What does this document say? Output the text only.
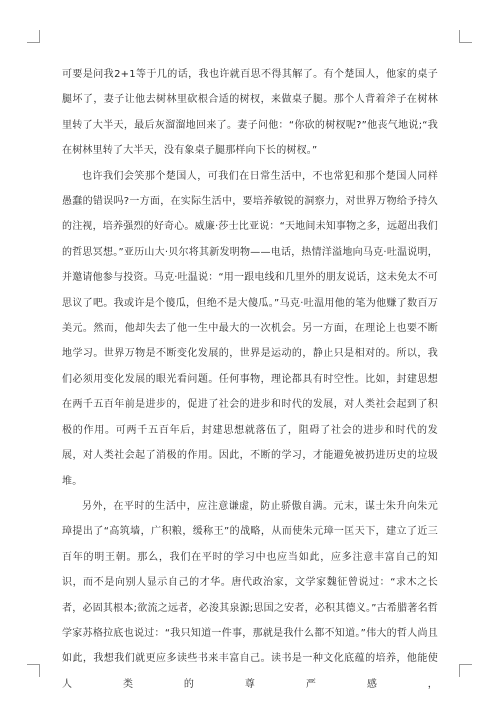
可要是问我2+1等于几的话，我也许就百思不得其解了。有个楚国人，他家的桌子腿坏了，妻子让他去树林里砍根合适的树杈，来做桌子腿。那个人背着斧子在树林里转了大半天，最后灰溜溜地回来了。妻子问他：“你砍的树杈呢?”他丧气地说;“我在树林里转了大半天，没有象桌子腿那样向下长的树杈。”

也许我们会笑那个楚国人，可我们在日常生活中，不也常犯和那个楚国人同样愚蠢的错误吗?一方面，在实际生活中，要培养敏锐的洞察力，对世界万物给予持久的注视，培养强烈的好奇心。威廉·莎士比亚说：“天地间未知事物之多，远超出我们的哲思冥想。”亚历山大·贝尔将其新发明物——电话，热情洋溢地向马克·吐温说明，并邀请他参与投资。马克·吐温说：“用一跟电线和几里外的朋友说话，这未免太不可思议了吧。我或许是个傻瓜，但绝不是大傻瓜。”马克·吐温用他的笔为他赚了数百万美元。然而，他却失去了他一生中最大的一次机会。另一方面，在理论上也要不断地学习。世界万物是不断变化发展的，世界是运动的，静止只是相对的。所以，我们必须用变化发展的眼光看问题。任何事物，理论都具有时空性。比如，封建思想在两千五百年前是进步的，促进了社会的进步和时代的发展，对人类社会起到了积极的作用。可两千五百年后，封建思想就落伍了，阻碍了社会的进步和时代的发展，对人类社会起了消极的作用。因此，不断的学习，才能避免被扔进历史的垃圾堆。

另外，在平时的生活中，应注意谦虚，防止骄傲自满。元末，谋士朱升向朱元璋提出了“高筑墙，广积粮，缓称王”的战略，从而使朱元璋一匡天下，建立了近三百年的明王朝。那么，我们在平时的学习中也应当如此，应多注意丰富自己的知识，而不是向别人显示自己的才华。唐代政治家，文学家魏征曾说过：“求木之长者，必固其根本;欲流之远者，必浚其泉源;思国之安者，必积其德义。”古希腊著名哲学家苏格拉底也说过：“我只知道一件事，那就是我什么都不知道。”伟大的哲人尚且如此，我想我们就更应多读些书来丰富自己。读书是一种文化底蕴的培养，他能使人类的尊严感，
